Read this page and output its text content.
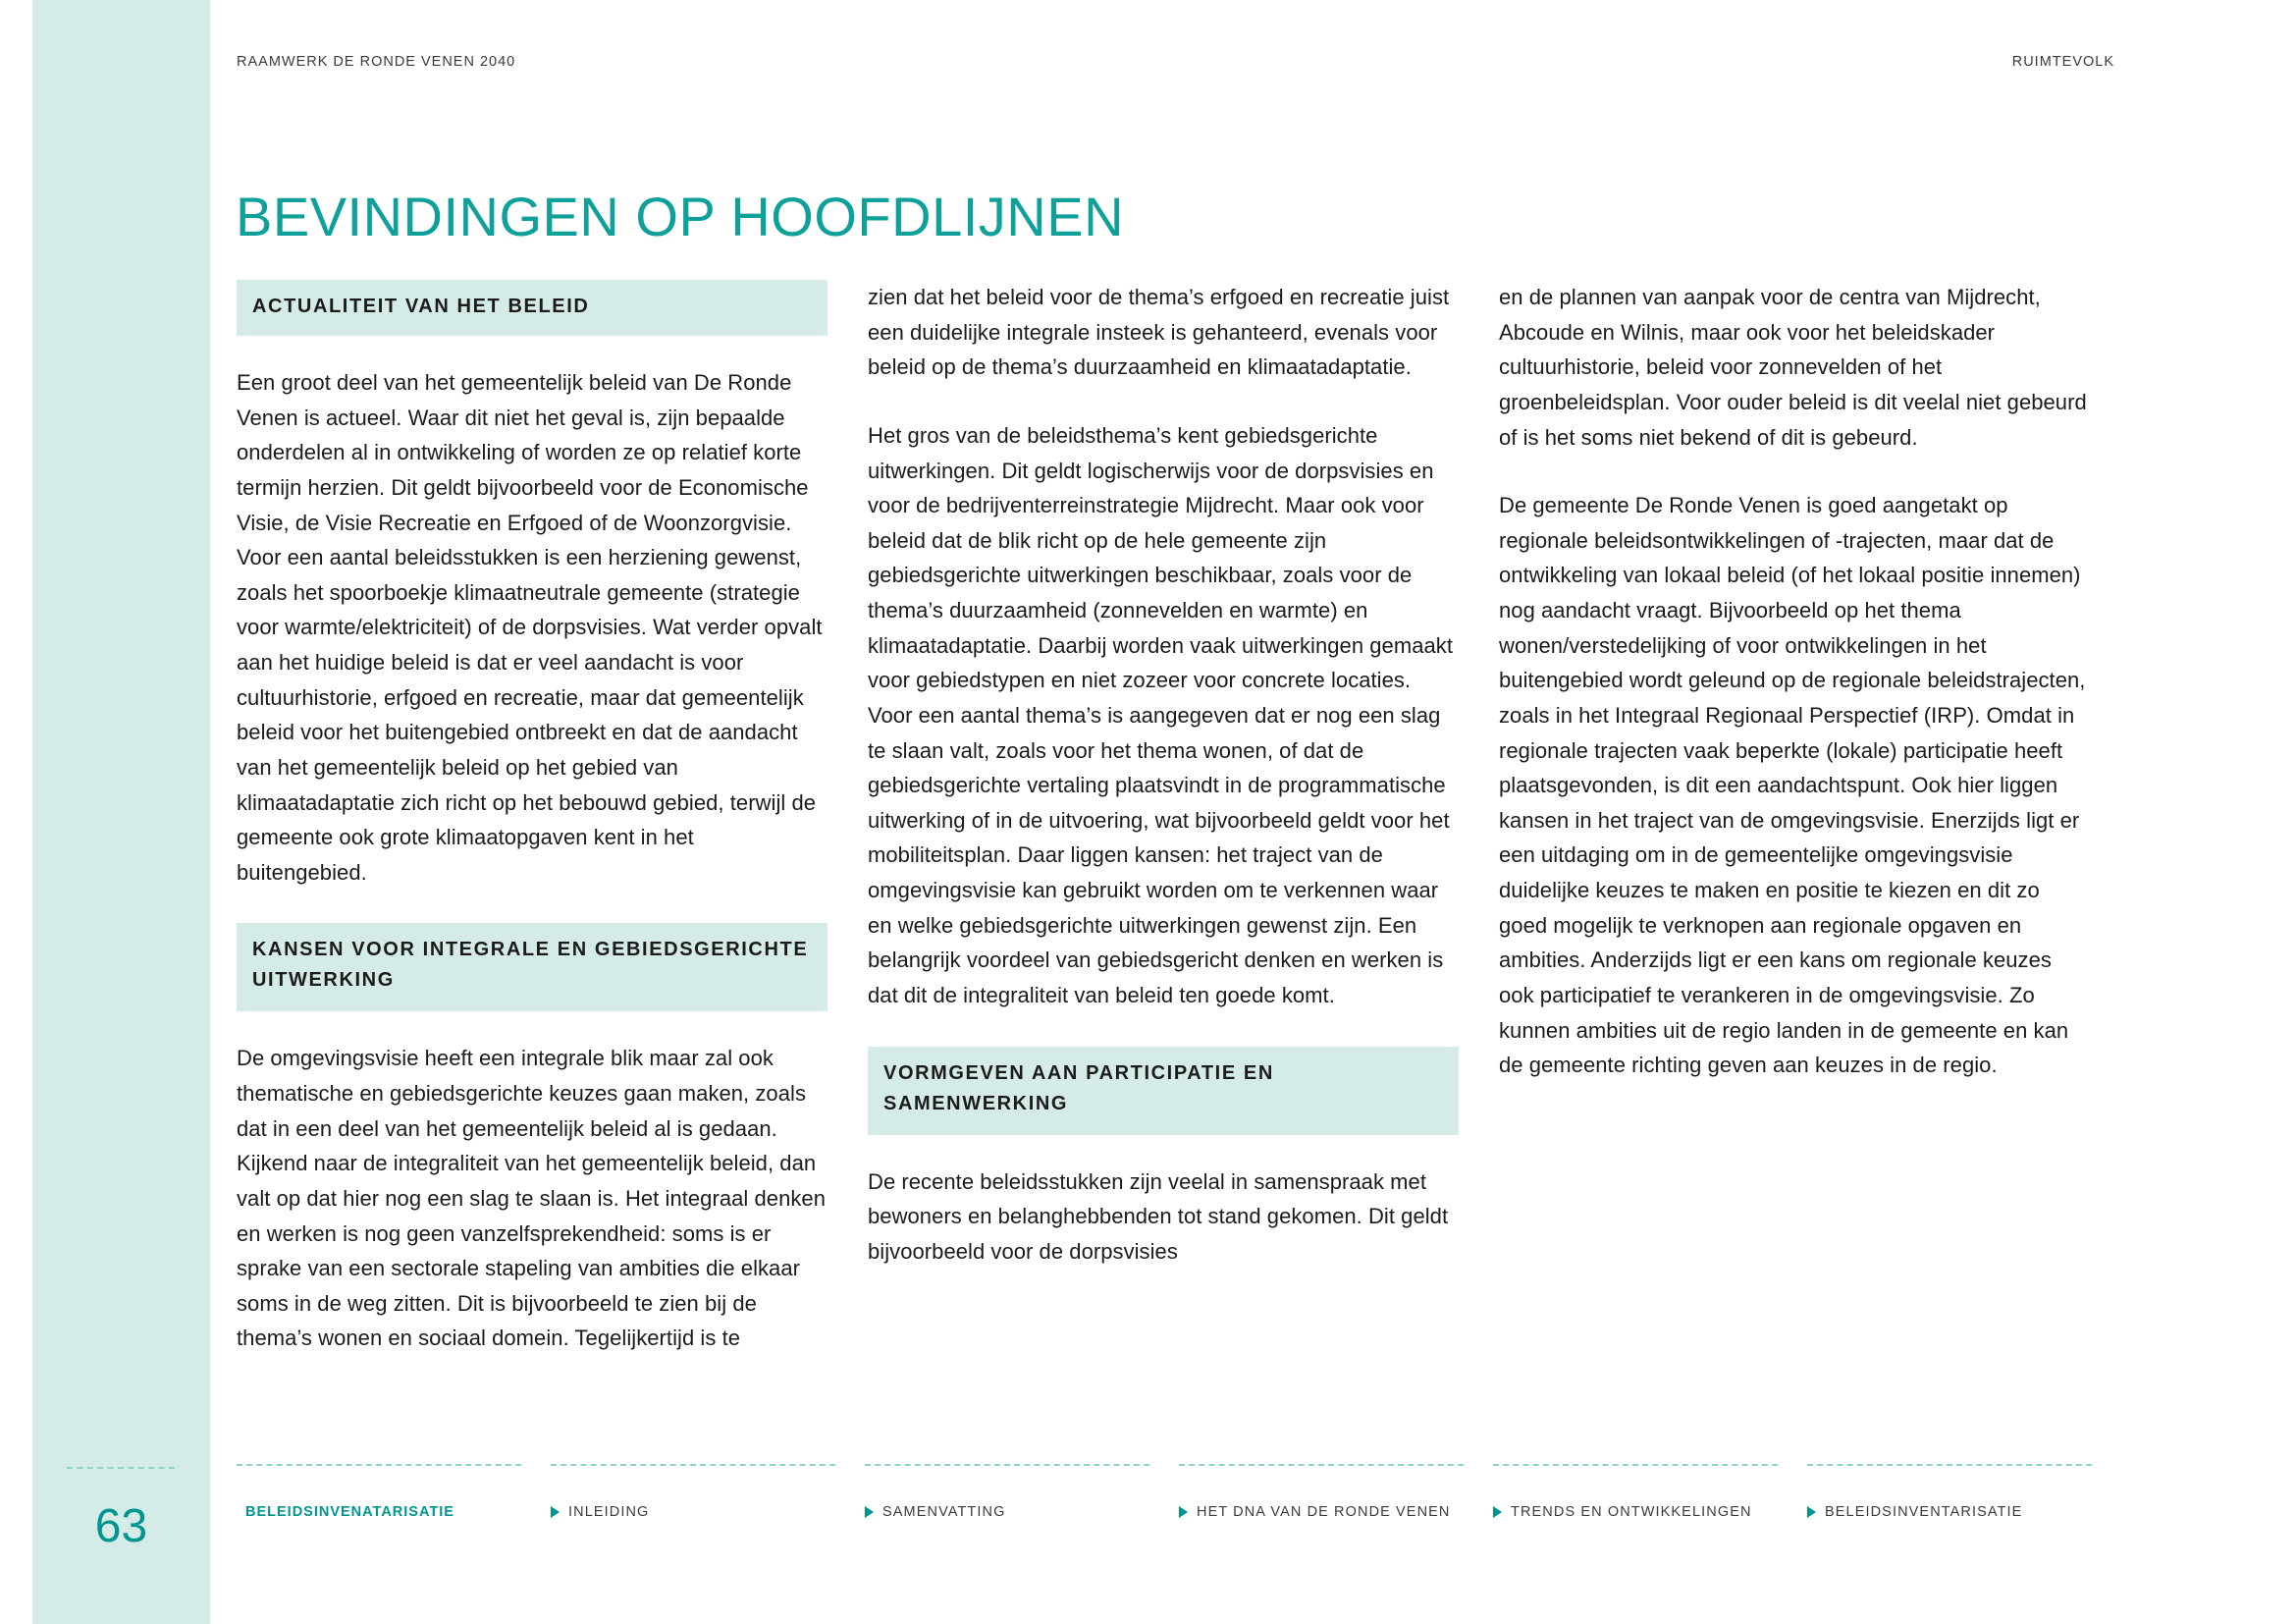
63
RAAMWERK DE RONDE VENEN 2040	RUIMTEVOLK
BEVINDINGEN OP HOOFDLIJNEN
ACTUALITEIT VAN HET BELEID

Een groot deel van het gemeentelijk beleid van De Ronde Venen is actueel. Waar dit niet het geval is, zijn bepaalde onderdelen al in ontwikkeling of worden ze op relatief korte termijn herzien. Dit geldt bijvoorbeeld voor de Economische Visie, de Visie Recreatie en Erfgoed of de Woonzorgvisie. Voor een aantal beleidsstukken is een herziening gewenst, zoals het spoorboekje klimaatneutrale gemeente (strategie voor warmte/elektriciteit) of de dorpsvisies. Wat verder opvalt aan het huidige beleid is dat er veel aandacht is voor cultuurhistorie, erfgoed en recreatie, maar dat gemeentelijk beleid voor het buitengebied ontbreekt en dat de aandacht van het gemeentelijk beleid op het gebied van klimaatadaptatie zich richt op het bebouwd gebied, terwijl de gemeente ook grote klimaatopgaven kent in het buitengebied.

KANSEN VOOR INTEGRALE EN GEBIEDSGERICHTE UITWERKING

De omgevingsvisie heeft een integrale blik maar zal ook thematische en gebiedsgerichte keuzes gaan maken, zoals dat in een deel van het gemeentelijk beleid al is gedaan. Kijkend naar de integraliteit van het gemeentelijk beleid, dan valt op dat hier nog een slag te slaan is. Het integraal denken en werken is nog geen vanzelfsprekendheid: soms is er sprake van een sectorale stapeling van ambities die elkaar soms in de weg zitten. Dit is bijvoorbeeld te zien bij de thema’s wonen en sociaal domein. Tegelijkertijd is te

zien dat het beleid voor de thema’s erfgoed en recreatie juist een duidelijke integrale insteek is gehanteerd, evenals voor beleid op de thema’s duurzaamheid en klimaatadaptatie.

Het gros van de beleidsthema’s kent gebiedsgerichte uitwerkingen. Dit geldt logischerwijs voor de dorpsvisies en voor de bedrijventerreinstrategie Mijdrecht. Maar ook voor beleid dat de blik richt op de hele gemeente zijn gebiedsgerichte uitwerkingen beschikbaar, zoals voor de thema’s duurzaamheid (zonnevelden en warmte) en klimaatadaptatie. Daarbij worden vaak uitwerkingen gemaakt voor gebiedstypen en niet zozeer voor concrete locaties. Voor een aantal thema’s is aangegeven dat er nog een slag te slaan valt, zoals voor het thema wonen, of dat de gebiedsgerichte vertaling plaatsvindt in de programmatische uitwerking of in de uitvoering, wat bijvoorbeeld geldt voor het mobiliteitsplan. Daar liggen kansen: het traject van de omgevingsvisie kan gebruikt worden om te verkennen waar en welke gebiedsgerichte uitwerkingen gewenst zijn. Een belangrijk voordeel van gebiedsgericht denken en werken is dat dit de integraliteit van beleid ten goede komt.

VORMGEVEN AAN PARTICIPATIE EN SAMENWERKING

De recente beleidsstukken zijn veelal in samenspraak met bewoners en belanghebbenden tot stand gekomen. Dit geldt bijvoorbeeld voor de dorpsvisies

en de plannen van aanpak voor de centra van Mijdrecht, Abcoude en Wilnis, maar ook voor het beleidskader cultuurhistorie, beleid voor zonnevelden of het groenbeleidsplan. Voor ouder beleid is dit veelal niet gebeurd of is het soms niet bekend of dit is gebeurd.

De gemeente De Ronde Venen is goed aangetakt op regionale beleidsontwikkelingen of -trajecten, maar dat de ontwikkeling van lokaal beleid (of het lokaal positie innemen) nog aandacht vraagt. Bijvoorbeeld op het thema wonen/verstedelijking of voor ontwikkelingen in het buitengebied wordt geleund op de regionale beleidstrajecten, zoals in het Integraal Regionaal Perspectief (IRP). Omdat in regionale trajecten vaak beperkte (lokale) participatie heeft plaatsgevonden, is dit een aandachtspunt. Ook hier liggen kansen in het traject van de omgevingsvisie. Enerzijds ligt er een uitdaging om in de gemeentelijke omgevingsvisie duidelijke keuzes te maken en positie te kiezen en dit zo goed mogelijk te verknopen aan regionale opgaven en ambities. Anderzijds ligt er een kans om regionale keuzes ook participatief te verankeren in de omgevingsvisie. Zo kunnen ambities uit de regio landen in de gemeente en kan de gemeente richting geven aan keuzes in de regio.

BELEIDSINVENATARISATIE	INLEIDING	SAMENVATTING	HET DNA VAN DE RONDE VENEN	TRENDS EN ONTWIKKELINGEN	BELEIDSINVENTARISATIE
